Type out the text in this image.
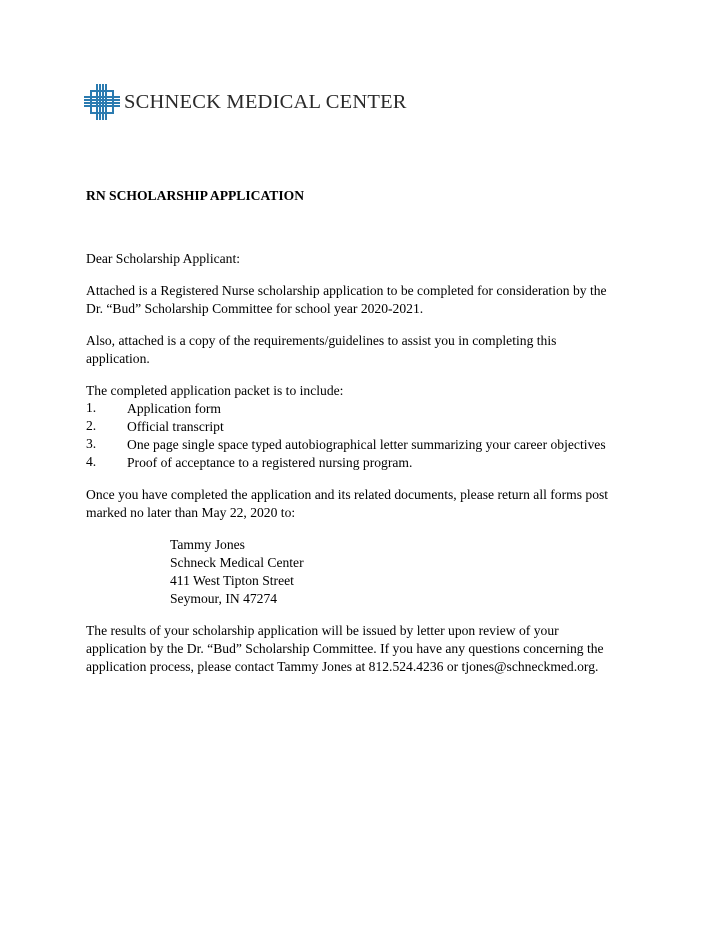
SCHNECK MEDICAL CENTER
RN SCHOLARSHIP APPLICATION
Dear Scholarship Applicant:
Attached is a Registered Nurse scholarship application to be completed for consideration by the
Dr. “Bud” Scholarship Committee for school year 2020-2021.
Also, attached is a copy of the requirements/guidelines to assist you in completing this
application.
The completed application packet is to include:
1. Application form
2. Official transcript
3. One page single space typed autobiographical letter summarizing your career objectives
4. Proof of acceptance to a registered nursing program.
Once you have completed the application and its related documents, please return all forms post
marked no later than May 22, 2020 to:
Tammy Jones
Schneck Medical Center
411 West Tipton Street
Seymour, IN 47274
The results of your scholarship application will be issued by letter upon review of your
application by the Dr. “Bud” Scholarship Committee. If you have any questions concerning the
application process, please contact Tammy Jones at 812.524.4236 or tjones@schneckmed.org.
